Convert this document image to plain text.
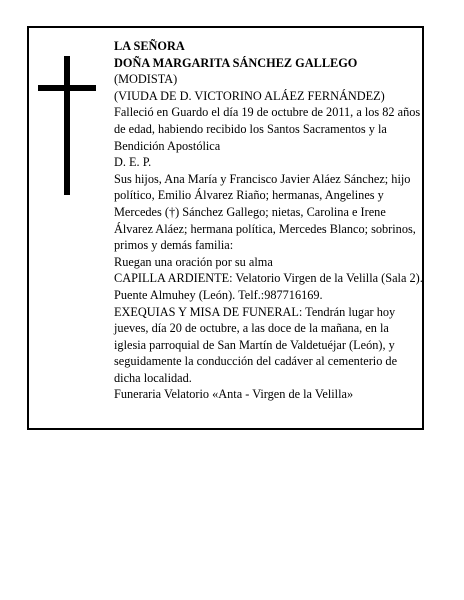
LA SEÑORA

DOÑA MARGARITA SÁNCHEZ GALLEGO

(MODISTA)

(VIUDA DE D. VICTORINO ALÁEZ FERNÁNDEZ)

Falleció en Guardo el día 19 de octubre de 2011, a los 82 años de edad, habiendo recibido los Santos Sacramentos y la Bendición Apostólica

D. E. P.

Sus hijos, Ana María y Francisco Javier Aláez Sánchez; hijo político, Emilio Álvarez Riaño; hermanas, Angelines y Mercedes (†) Sánchez Gallego; nietas, Carolina e Irene Álvarez Aláez; hermana política, Mercedes Blanco; sobrinos, primos y demás familia:

Ruegan una oración por su alma

CAPILLA ARDIENTE: Velatorio Virgen de la Velilla (Sala 2). Puente Almuhey (León). Telf.:987716169.

EXEQUIAS Y MISA DE FUNERAL: Tendrán lugar hoy jueves, día 20 de octubre, a las doce de la mañana, en la iglesia parroquial de San Martín de Valdetuéjar (León), y seguidamente la conducción del cadáver al cementerio de dicha localidad.

Funeraria Velatorio «Anta - Virgen de la Velilla»
